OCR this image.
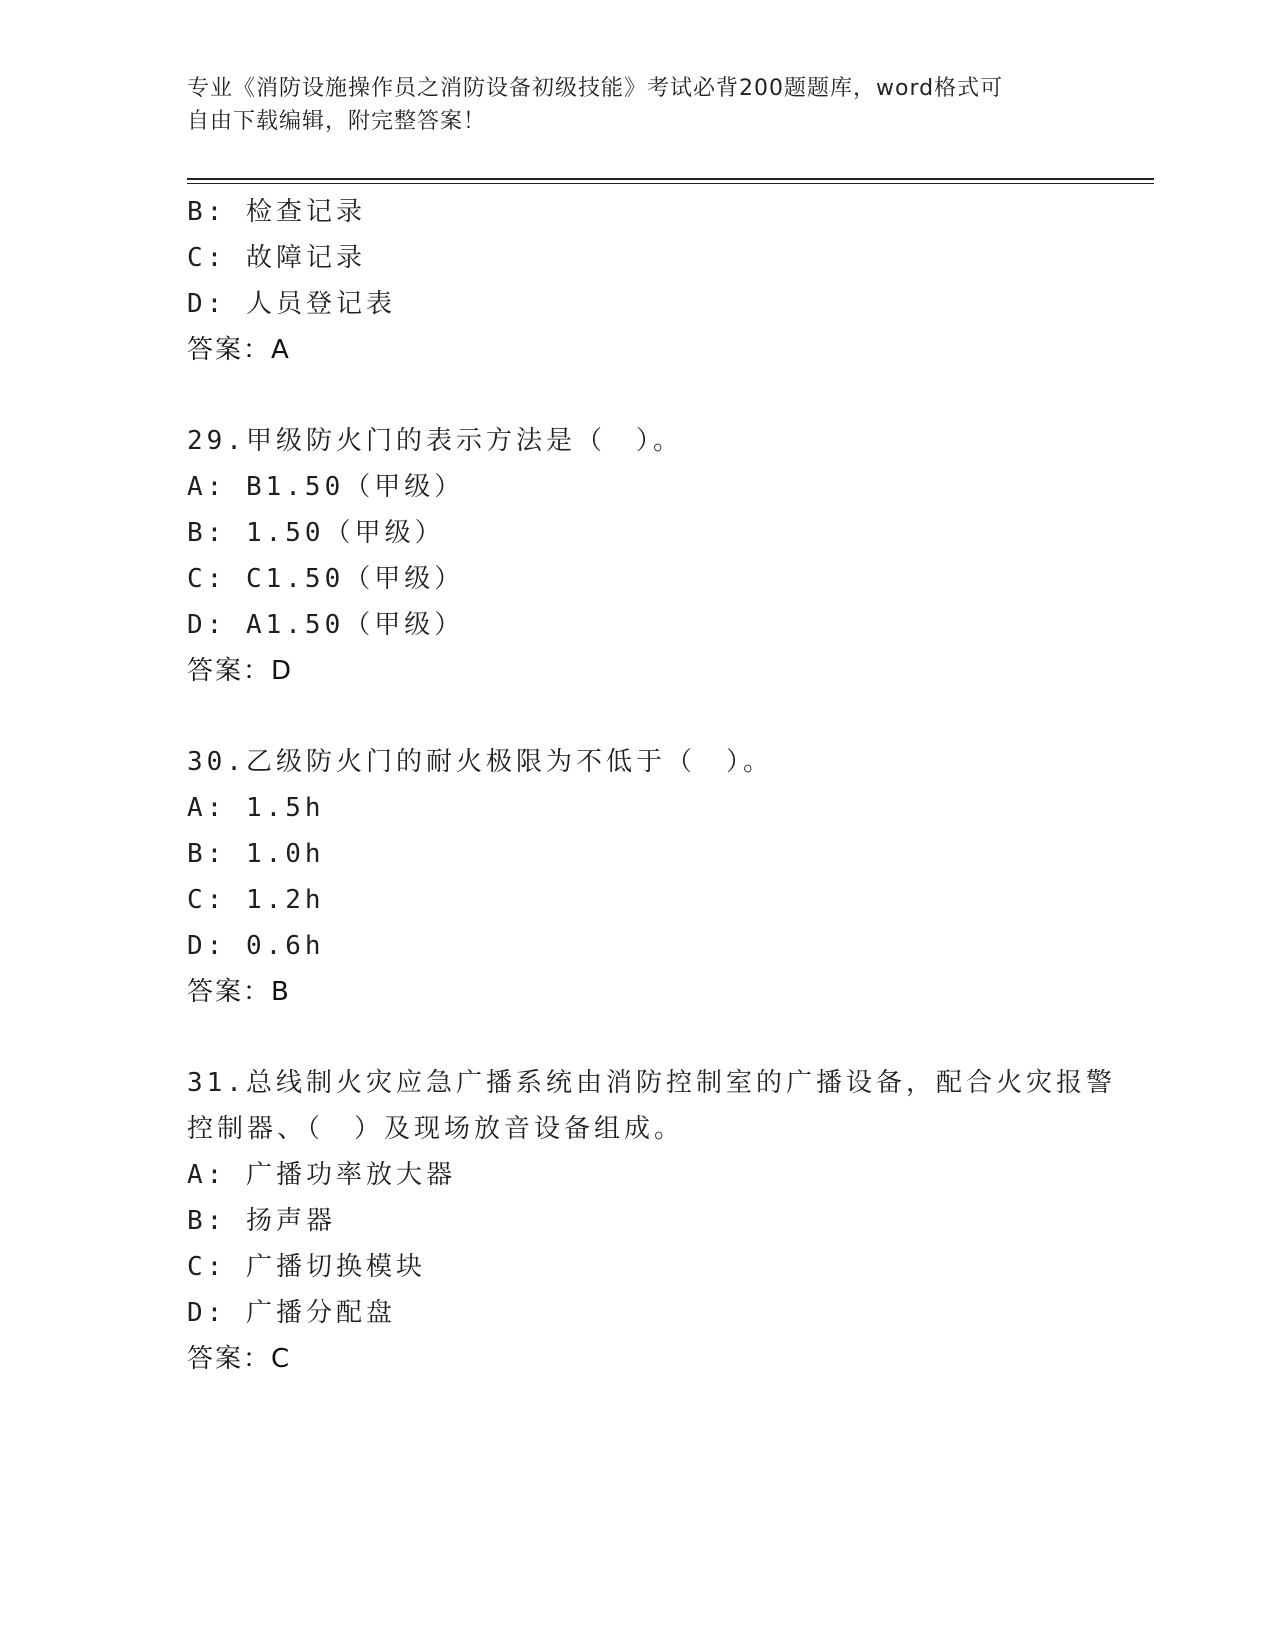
专业《消防设施操作员之消防设备初级技能》考试必背200题题库，word格式可
自由下载编辑，附完整答案！
B: 检查记录
C: 故障记录
D: 人员登记表
答案：A
29.甲级防火门的表示方法是（　）。
A: B1.50（甲级）
B: 1.50（甲级）
C: C1.50（甲级）
D: A1.50（甲级）
答案：D
30.乙级防火门的耐火极限为不低于（　）。
A: 1.5h
B: 1.0h
C: 1.2h
D: 0.6h
答案：B
31.总线制火灾应急广播系统由消防控制室的广播设备，配合火灾报警
控制器、（　）及现场放音设备组成。
A: 广播功率放大器
B: 扬声器
C: 广播切换模块
D: 广播分配盘
答案：C
